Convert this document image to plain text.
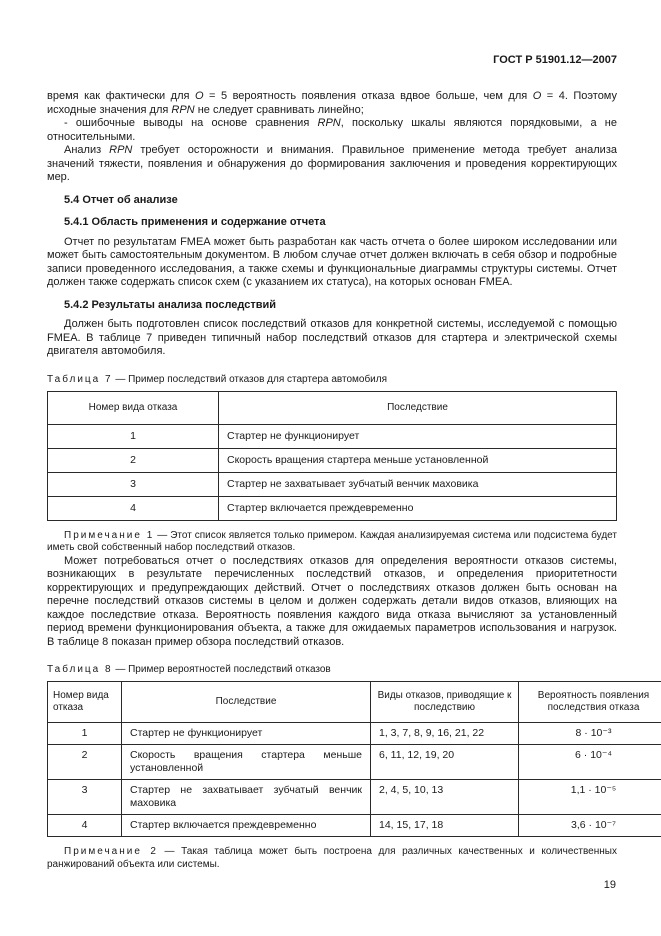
ГОСТ Р 51901.12—2007

время как фактически для О = 5 вероятность появления отказа вдвое больше, чем для О = 4. Поэтому исходные значения для RPN не следует сравнивать линейно;

- ошибочные выводы на основе сравнения RPN, поскольку шкалы являются порядковыми, а не относительными.

Анализ RPN требует осторожности и внимания. Правильное применение метода требует анализа значений тяжести, появления и обнаружения до формирования заключения и проведения корректирующих мер.

5.4 Отчет об анализе
5.4.1 Область применения и содержание отчета

Отчет по результатам FMEA может быть разработан как часть отчета о более широком исследовании или может быть самостоятельным документом. В любом случае отчет должен включать в себя обзор и подробные записи проведенного исследования, а также схемы и функциональные диаграммы структуры системы. Отчет должен также содержать список схем (с указанием их статуса), на которых основан FMEA.

5.4.2 Результаты анализа последствий

Должен быть подготовлен список последствий отказов для конкретной системы, исследуемой с помощью FMEA. В таблице 7 приведен типичный набор последствий отказов для стартера и электрической схемы двигателя автомобиля.

Таблица 7 — Пример последствий отказов для стартера автомобиля

Номер вида отказа	Последствие
1	Стартер не функционирует
2	Скорость вращения стартера меньше установленной
3	Стартер не захватывает зубчатый венчик маховика
4	Стартер включается преждевременно

Примечание 1 — Этот список является только примером. Каждая анализируемая система или подсистема будет иметь свой собственный набор последствий отказов.

Может потребоваться отчет о последствиях отказов для определения вероятности отказов системы, возникающих в результате перечисленных последствий отказов, и определения приоритетности корректирующих и предупреждающих действий. Отчет о последствиях отказов должен быть основан на перечне последствий отказов системы в целом и должен содержать детали видов отказов, влияющих на каждое последствие отказа. Вероятность появления каждого вида отказа вычисляют за установленный период времени функционирования объекта, а также для ожидаемых параметров использования и нагрузок. В таблице 8 показан пример обзора последствий отказов.

Таблица 8 — Пример вероятностей последствий отказов

Номер вида отказа	Последствие	Виды отказов, приводящие к последствию	Вероятность появления последствия отказа
1	Стартер не функционирует	1, 3, 7, 8, 9, 16, 21, 22	8 · 10⁻³
2	Скорость вращения стартера меньше установленной	6, 11, 12, 19, 20	6 · 10⁻⁴
3	Стартер не захватывает зубчатый венчик маховика	2, 4, 5, 10, 13	1,1 · 10⁻⁵
4	Стартер включается преждевременно	14, 15, 17, 18	3,6 · 10⁻⁷

Примечание 2 — Такая таблица может быть построена для различных качественных и количественных ранжирований объекта или системы.

19
